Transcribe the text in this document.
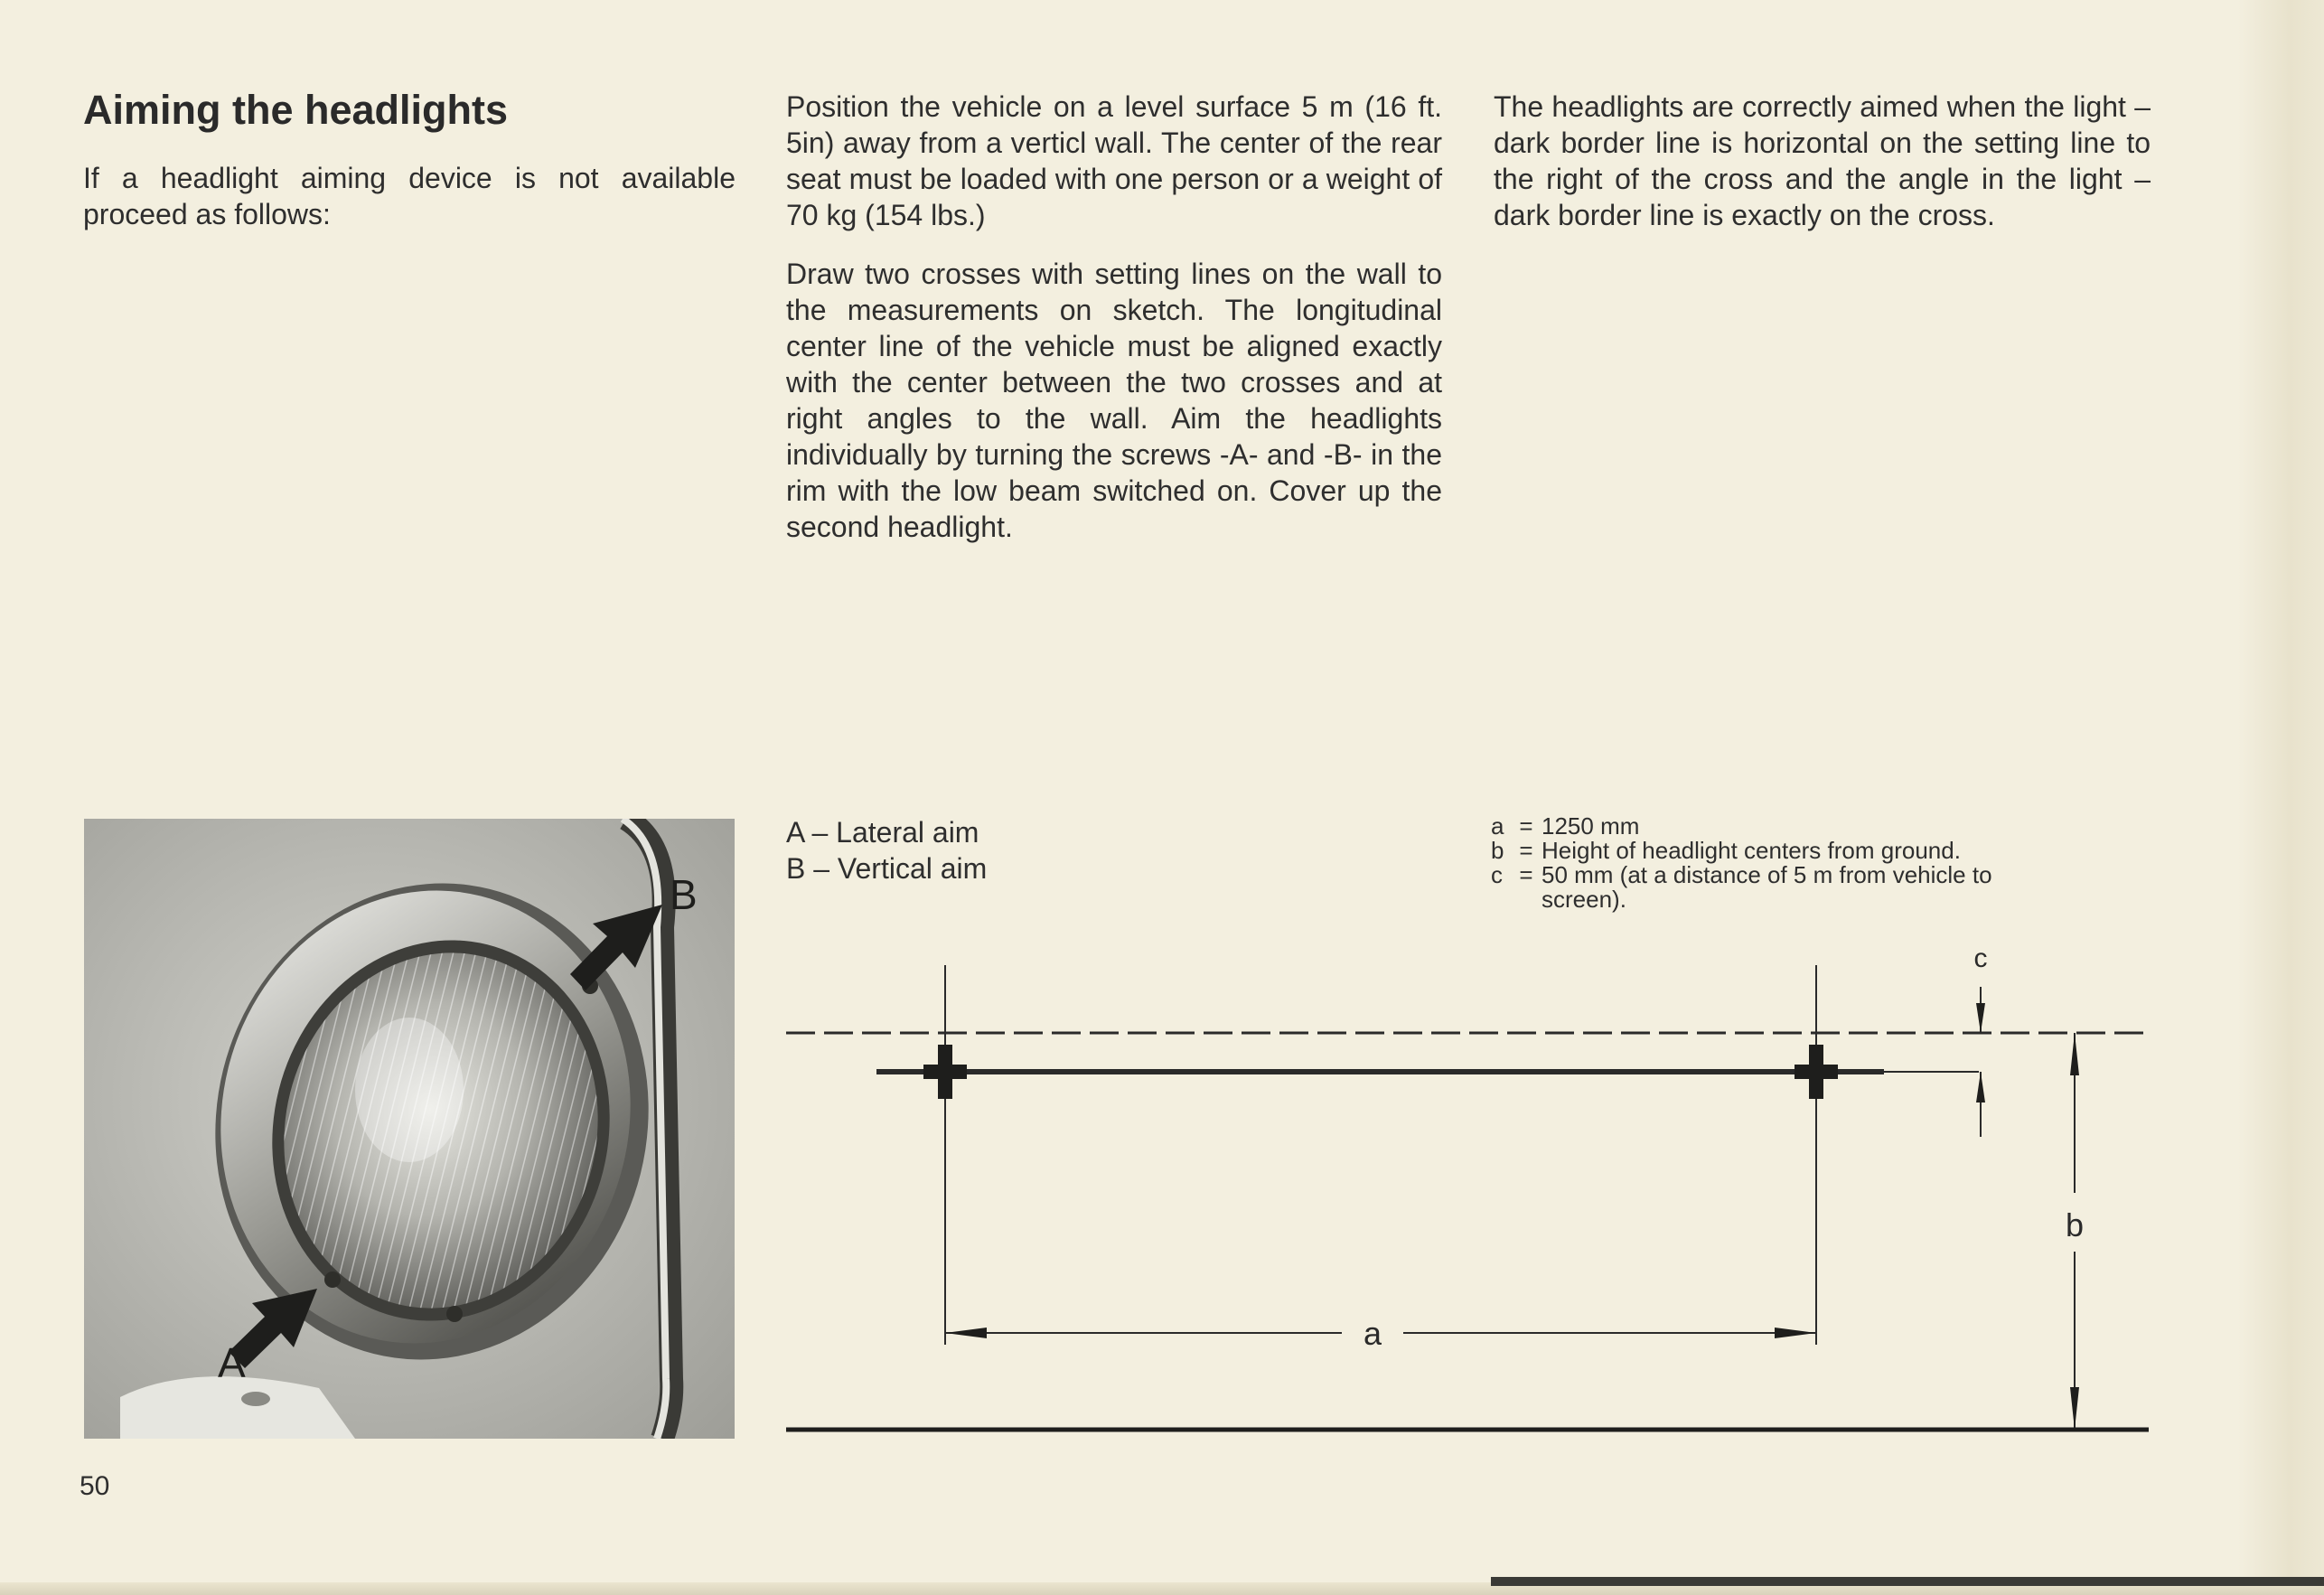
Aiming the headlights

If a headlight aiming device is not available proceed as follows:

Position the vehicle on a level surface 5 m (16 ft. 5in) away from a verticl wall. The center of the rear seat must be loaded with one person or a weight of 70 kg (154 lbs.)

Draw two crosses with setting lines on the wall to the measurements on sketch. The longitudinal center line of the vehicle must be aligned exactly with the center between the two crosses and at right angles to the wall. Aim the headlights individually by turning the screws -A- and -B- in the rim with the low beam switched on. Cover up the second headlight.

The headlights are correctly aimed when the light – dark border line is horizontal on the setting line to the right of the cross and the angle in the light – dark border line is exactly on the cross.

B
A
A – Lateral aim
B – Vertical aim
a = 1250 mm
b = Height of headlight centers from ground.
c = 50 mm (at a distance of 5 m from vehicle to
screen).
a
c
b

50
